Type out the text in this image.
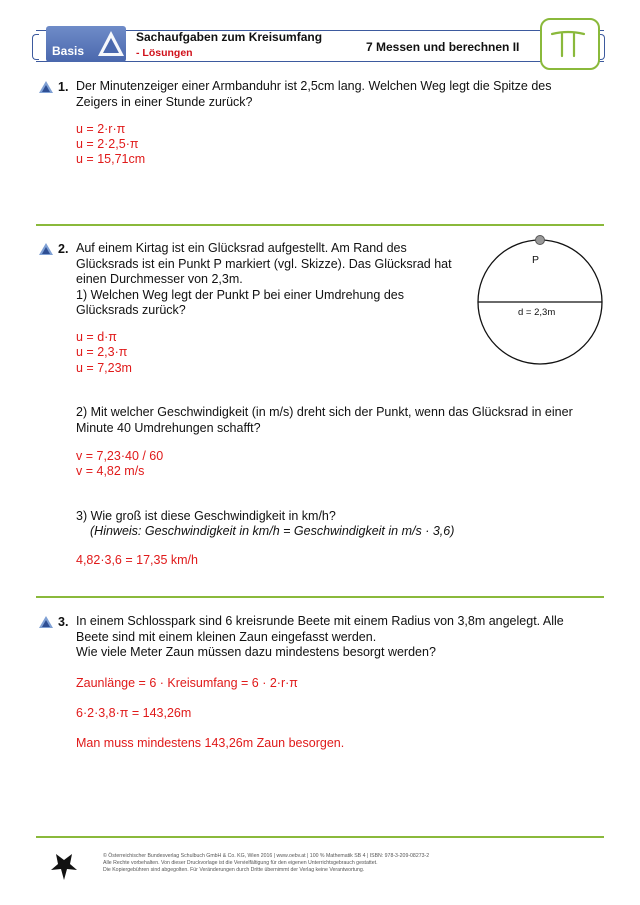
Basis
Sachaufgaben zum Kreisumfang
- Lösungen	7 Messen und berechnen II
1. Der Minutenzeiger einer Armbanduhr ist 2,5cm lang. Welchen Weg legt die Spitze des
Zeigers in einer Stunde zurück?
u = 2·r·π
u = 2·2,5·π
u = 15,71cm
2. Auf einem Kirtag ist ein Glücksrad aufgestellt. Am Rand des
Glücksrads ist ein Punkt P markiert (vgl. Skizze). Das Glücksrad hat
einen Durchmesser von 2,3m.
1) Welchen Weg legt der Punkt P bei einer Umdrehung des
Glücksrads zurück?
u = d·π
u = 2,3·π
u = 7,23m
P
d = 2,3m
2) Mit welcher Geschwindigkeit (in m/s) dreht sich der Punkt, wenn das Glücksrad in einer
Minute 40 Umdrehungen schafft?
v = 7,23·40 / 60
v = 4,82 m/s
3) Wie groß ist diese Geschwindigkeit in km/h?
(Hinweis: Geschwindigkeit in km/h = Geschwindigkeit in m/s · 3,6)
4,82·3,6 = 17,35 km/h
3. In einem Schlosspark sind 6 kreisrunde Beete mit einem Radius von 3,8m angelegt. Alle
Beete sind mit einem kleinen Zaun eingefasst werden.
Wie viele Meter Zaun müssen dazu mindestens besorgt werden?
Zaunlänge = 6 · Kreisumfang = 6 · 2·r·π
6·2·3,8·π = 143,26m
Man muss mindestens 143,26m Zaun besorgen.
© Österreichischer Bundesverlag Schulbuch GmbH & Co. KG, Wien 2016 | www.oebv.at | 100 % Mathematik SB 4 | ISBN: 978-3-209-08273-2
Alle Rechte vorbehalten. Von dieser Druckvorlage ist die Vervielfältigung für den eigenen Unterrichtsgebrauch gestattet.
Die Kopiergebühren sind abgegolten. Für Veränderungen durch Dritte übernimmt der Verlag keine Verantwortung.
